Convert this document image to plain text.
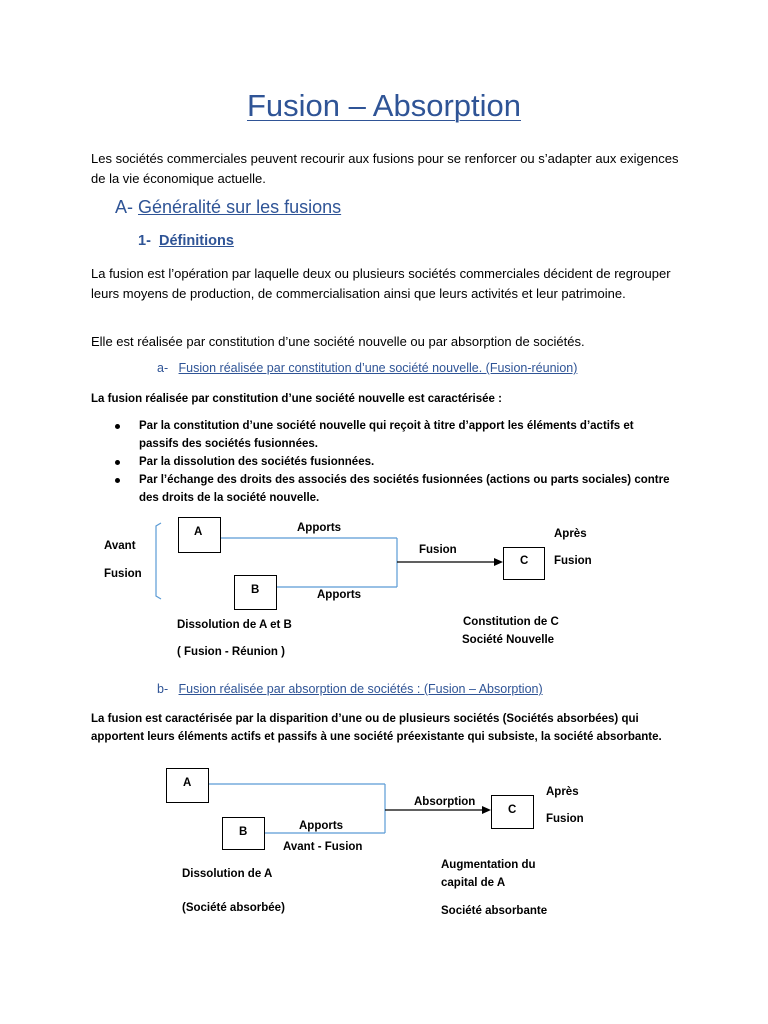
Fusion – Absorption
Les sociétés commerciales peuvent recourir aux fusions pour se renforcer ou s’adapter aux exigences de la vie économique actuelle.
A- Généralité sur les fusions
1- Définitions
La fusion est l’opération par laquelle deux ou plusieurs sociétés commerciales décident de regrouper leurs moyens de production, de commercialisation ainsi que leurs activités et leur patrimoine.
Elle est réalisée par constitution d’une société nouvelle ou par absorption de sociétés.
a- Fusion réalisée par constitution d’une société nouvelle. (Fusion-réunion)
La fusion réalisée par constitution d’une société nouvelle est caractérisée :
Par la constitution d’une société nouvelle qui reçoit à titre d’apport les éléments d’actifs et passifs des sociétés fusionnées.
Par la dissolution des sociétés fusionnées.
Par l’échange des droits des associés des sociétés fusionnées (actions ou parts sociales) contre des droits de la société nouvelle.
A
B
C
Avant
Fusion
Apports
Apports
Fusion
Après
Fusion
Dissolution de A et B
( Fusion - Réunion )
Constitution de C
Société Nouvelle
b- Fusion réalisée par absorption de sociétés : (Fusion – Absorption)
La fusion est caractérisée par la disparition d’une ou de plusieurs sociétés (Sociétés absorbées) qui apportent leurs éléments actifs et passifs à une société préexistante qui subsiste, la société absorbante.
A
B
C
Absorption
Apports
Avant - Fusion
Après
Fusion
Dissolution de A
(Société absorbée)
Augmentation du
capital de A
Société absorbante
